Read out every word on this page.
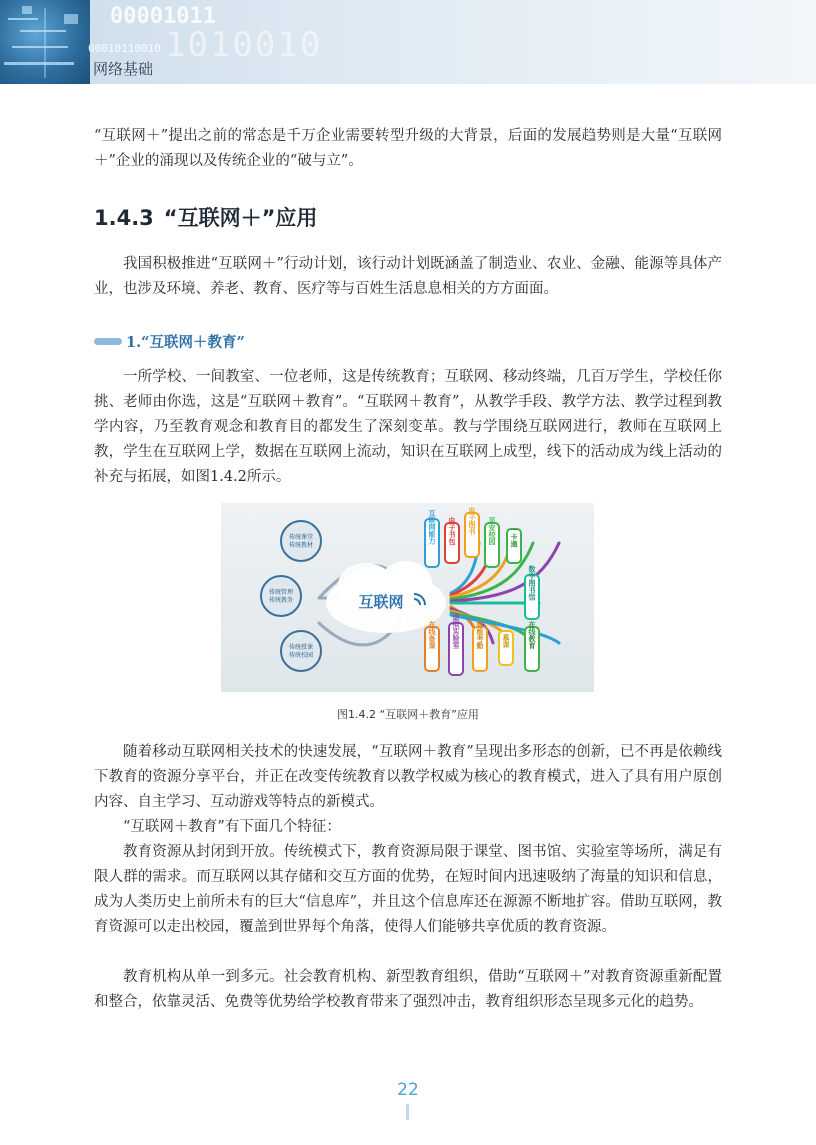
00001011
00010110010 1010010
网络基础

“互联网＋”提出之前的常态是千万企业需要转型升级的大背景，后面的发展趋势则是大量“互联网＋”企业的涌现以及传统企业的“破与立”。

1.4.3 “互联网＋”应用

我国积极推进“互联网＋”行动计划，该行动计划既涵盖了制造业、农业、金融、能源等具体产业，也涉及环境、养老、教育、医疗等与百姓生活息息相关的方方面面。

1.“互联网＋教育”

一所学校、一间教室、一位老师，这是传统教育；互联网、移动终端，几百万学生，学校任你挑、老师由你选，这是“互联网＋教育”。“互联网＋教育”，从教学手段、教学方法、教学过程到教学内容，乃至教育观念和教育目的都发生了深刻变革。教与学围绕互联网进行，教师在互联网上教，学生在互联网上学，数据在互联网上流动，知识在互联网上成型，线下的活动成为线上活动的补充与拓展，如图1.4.2所示。

传统课堂
传统教材
传统管理
传统教务
传统授课
传统校园
互联网
互联网能力 电子书包 电子图书 平安校园 一卡通
数字图书馆
在线备课 虚拟实验室 智能考勤	慕课	在线教育
图1.4.2 “互联网＋教育”应用

随着移动互联网相关技术的快速发展，“互联网＋教育”呈现出多形态的创新，已不再是依赖线下教育的资源分享平台，并正在改变传统教育以教学权威为核心的教育模式，进入了具有用户原创内容、自主学习、互动游戏等特点的新模式。

“互联网＋教育”有下面几个特征：

教育资源从封闭到开放。传统模式下，教育资源局限于课堂、图书馆、实验室等场所，满足有限人群的需求。而互联网以其存储和交互方面的优势，在短时间内迅速吸纳了海量的知识和信息，成为人类历史上前所未有的巨大“信息库”，并且这个信息库还在源源不断地扩容。借助互联网，教育资源可以走出校园，覆盖到世界每个角落，使得人们能够共享优质的教育资源。

教育机构从单一到多元。社会教育机构、新型教育组织，借助“互联网＋”对教育资源重新配置和整合，依靠灵活、免费等优势给学校教育带来了强烈冲击，教育组织形态呈现多元化的趋势。

22
